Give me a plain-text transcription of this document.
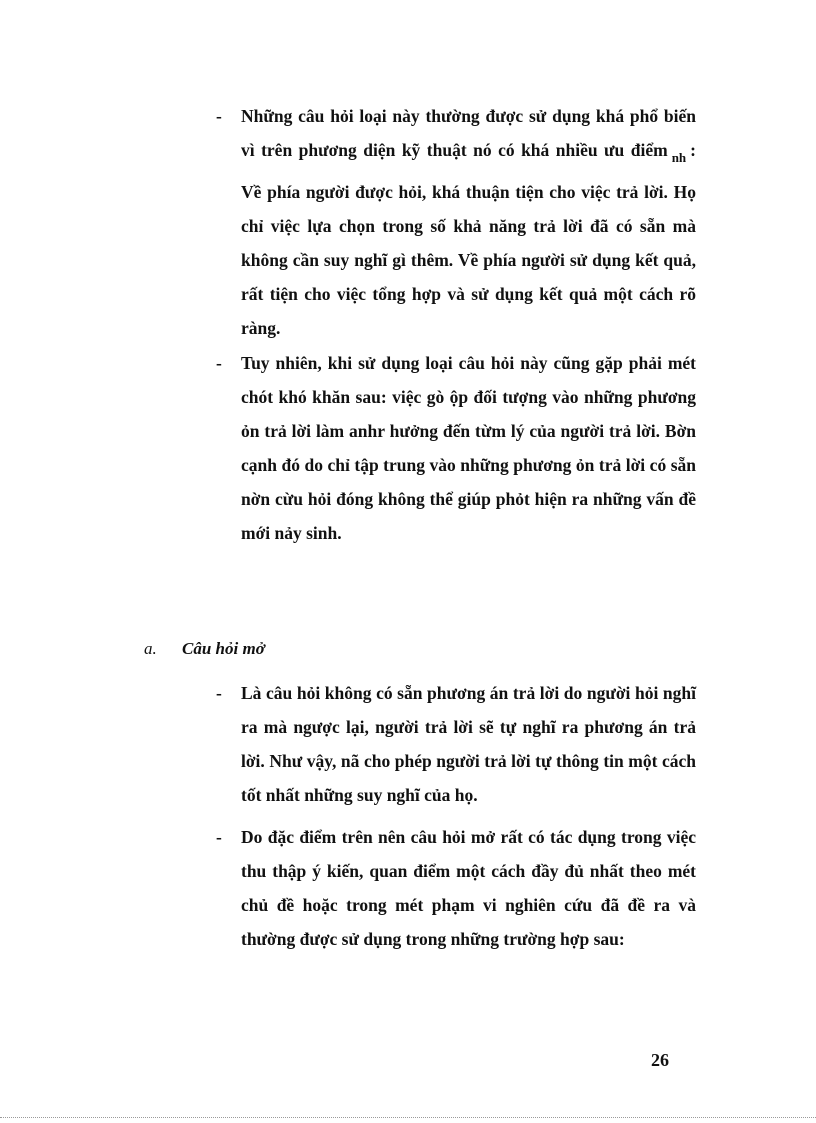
- Những câu hỏi loại này thường được sử dụng khá phổ biến vì trên phương diện kỹ thuật nó có khá nhiều ưu điểm $_{nh}$ : Về phía người được hỏi, khá thuận tiện cho việc trả lời. Họ chỉ việc lựa chọn trong số khả năng trả lời đã có sẵn mà không cần suy nghĩ gì thêm. Về phía người sử dụng kết quả, rất tiện cho việc tổng hợp và sử dụng kết quả một cách rõ ràng.
- Tuy nhiên, khi sử dụng loại câu hỏi này cũng gặp phải mét chót khó khăn sau: việc gò ộp đối tượng vào những phương ỏn trả lời làm anhr hưởng đến từm lý của người trả lời. Bờn cạnh đó do chỉ tập trung vào những phương ỏn trả lời có sẵn nờn cừu hỏi đóng không thể giúp phỏt hiện ra những vấn đề mới nảy sinh.
a. Câu hỏi mở
- Là câu hỏi không có sẵn phương án trả lời do người hỏi nghĩ ra mà ngược lại, người trả lời sẽ tự nghĩ ra phương án trả lời. Như vậy, nã cho phép người trả lời tự thông tin một cách tốt nhất những suy nghĩ của họ.
- Do đặc điểm trên nên câu hỏi mở rất có tác dụng trong việc thu thập ý kiến, quan điểm một cách đầy đủ nhất theo mét chủ đề hoặc trong mét phạm vi nghiên cứu đã đề ra và thường được sử dụng trong những trường hợp sau:
26
